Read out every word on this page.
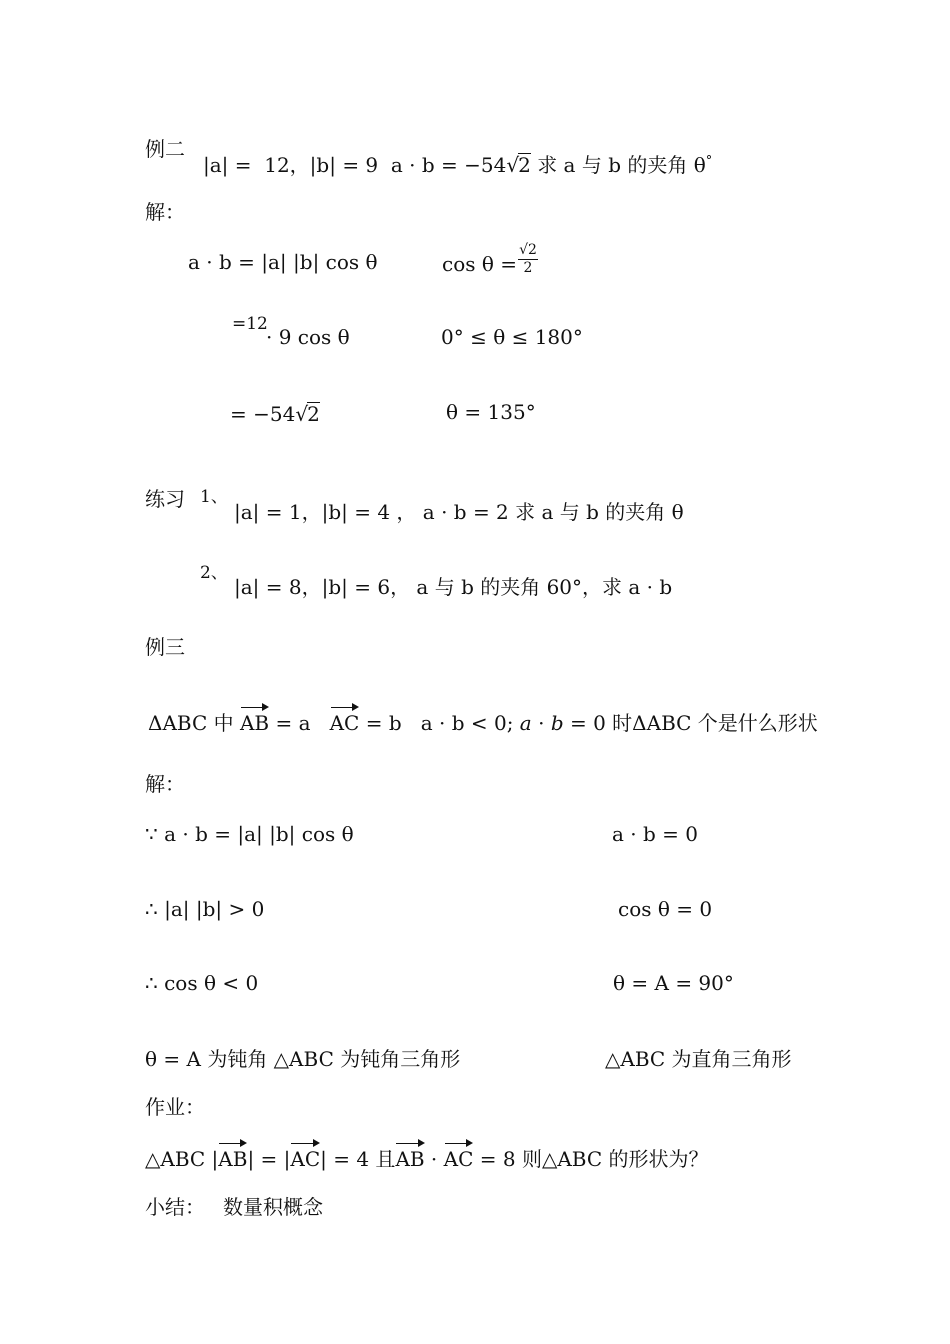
例二
|a| =  12，|b| = 9  a · b = −54√2 求 a 与 b 的夹角 θ°
解：
a · b = |a| |b| cos θ	cos θ =
√2
2
=12
· 9 cos θ	0° ≤ θ ≤ 180°
= −54√2	θ = 135°
练习 1、
|a| = 1，|b| = 4 ， a · b = 2 求 a 与 b 的夹角 θ
2、
|a| = 8，|b| = 6， a 与 b 的夹角 60°，求 a · b
例三
ΔABC 中 AB = a   AC = b   a · b < 0; a · b = 0 时ΔABC 个是什么形状
解：
∵ a · b = |a| |b| cos θ	a · b = 0
∴ |a| |b| > 0	cos θ = 0
∴ cos θ < 0	θ = A = 90°
θ = A 为钝角 △ABC 为钝角三角形	△ABC 为直角三角形
作业：
△ABC |AB| = |AC| = 4 且AB · AC = 8 则△ABC 的形状为？
小结： 数量积概念
